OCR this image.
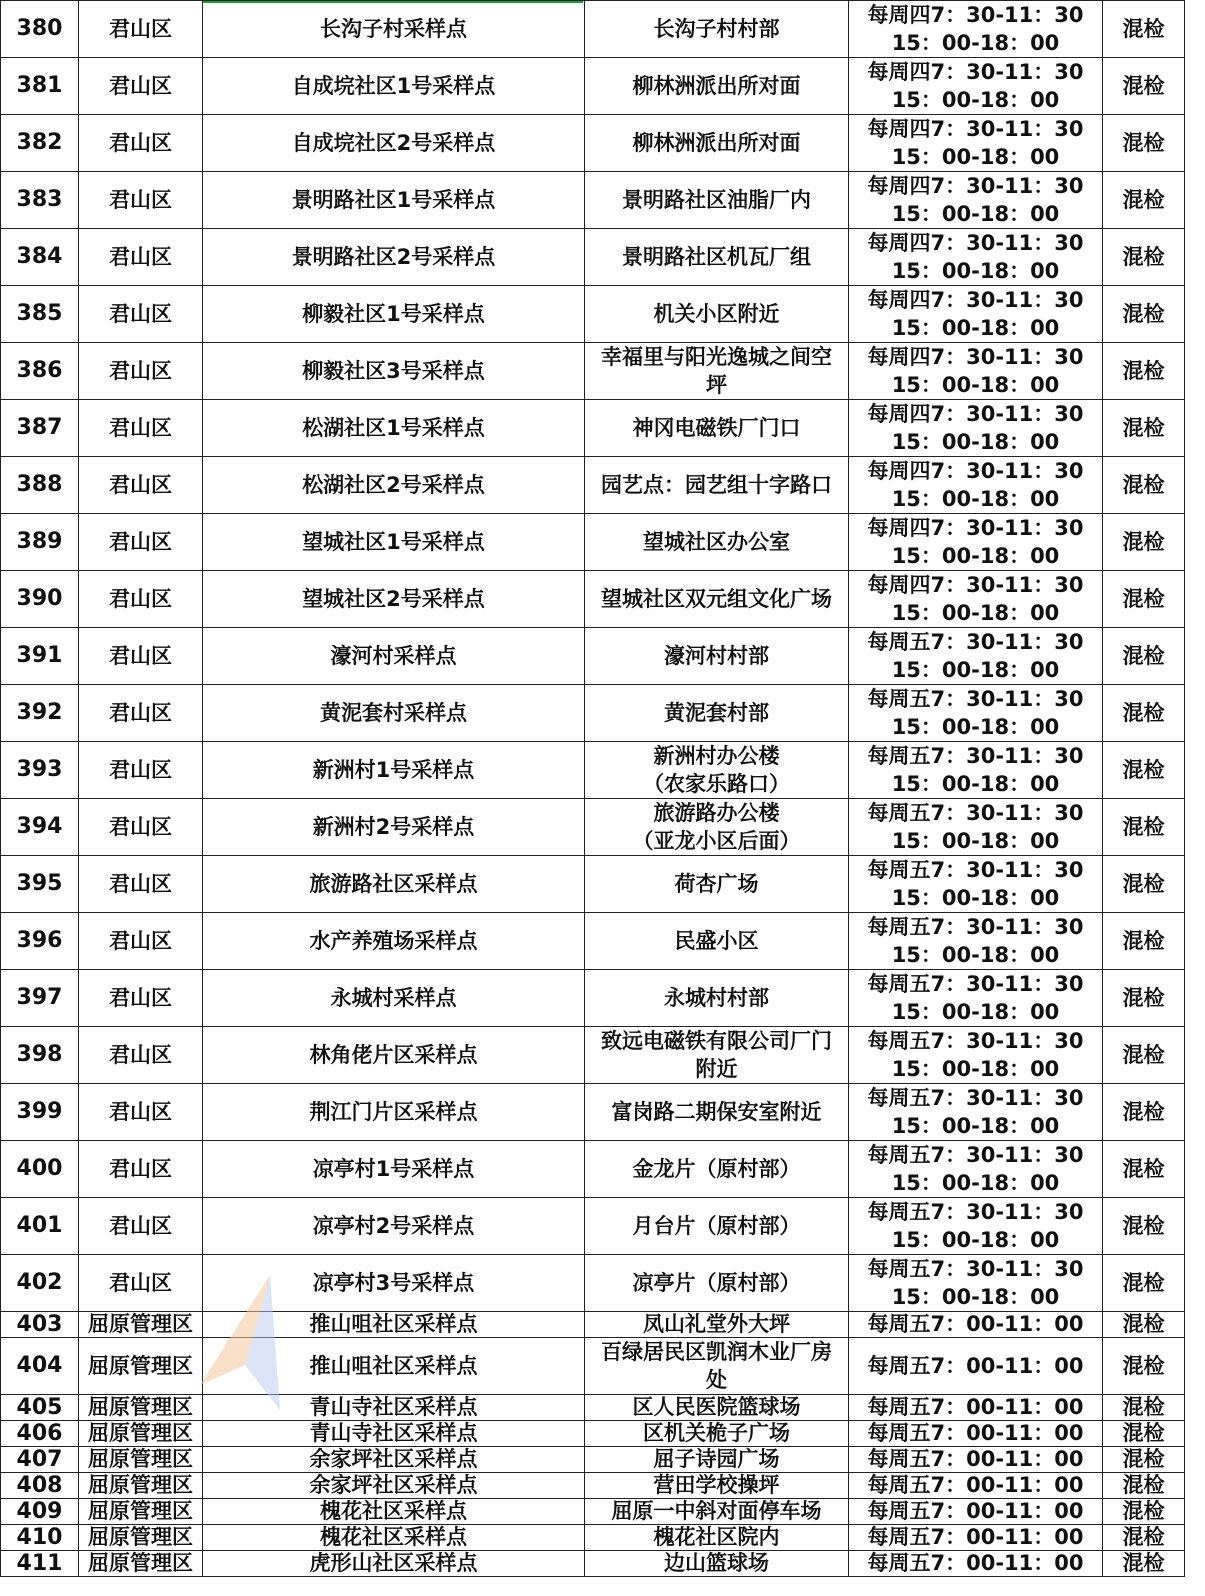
380	君山区	长沟子村采样点	长沟子村村部	每周四7：30-11：30
15：00-18：00	混检
381	君山区	自成垸社区1号采样点	柳林洲派出所对面	每周四7：30-11：30
15：00-18：00	混检
382	君山区	自成垸社区2号采样点	柳林洲派出所对面	每周四7：30-11：30
15：00-18：00	混检
383	君山区	景明路社区1号采样点	景明路社区油脂厂内	每周四7：30-11：30
15：00-18：00	混检
384	君山区	景明路社区2号采样点	景明路社区机瓦厂组	每周四7：30-11：30
15：00-18：00	混检
385	君山区	柳毅社区1号采样点	机关小区附近	每周四7：30-11：30
15：00-18：00	混检
386	君山区	柳毅社区3号采样点	幸福里与阳光逸城之间空
坪	每周四7：30-11：30
15：00-18：00	混检
387	君山区	松湖社区1号采样点	神冈电磁铁厂门口	每周四7：30-11：30
15：00-18：00	混检
388	君山区	松湖社区2号采样点	园艺点：园艺组十字路口	每周四7：30-11：30
15：00-18：00	混检
389	君山区	望城社区1号采样点	望城社区办公室	每周四7：30-11：30
15：00-18：00	混检
390	君山区	望城社区2号采样点	望城社区双元组文化广场	每周四7：30-11：30
15：00-18：00	混检
391	君山区	濠河村采样点	濠河村村部	每周五7：30-11：30
15：00-18：00	混检
392	君山区	黄泥套村采样点	黄泥套村部	每周五7：30-11：30
15：00-18：00	混检
393	君山区	新洲村1号采样点	新洲村办公楼
（农家乐路口）	每周五7：30-11：30
15：00-18：00	混检
394	君山区	新洲村2号采样点	旅游路办公楼
（亚龙小区后面）	每周五7：30-11：30
15：00-18：00	混检
395	君山区	旅游路社区采样点	荷杏广场	每周五7：30-11：30
15：00-18：00	混检
396	君山区	水产养殖场采样点	民盛小区	每周五7：30-11：30
15：00-18：00	混检
397	君山区	永城村采样点	永城村村部	每周五7：30-11：30
15：00-18：00	混检
398	君山区	林角佬片区采样点	致远电磁铁有限公司厂门
附近	每周五7：30-11：30
15：00-18：00	混检
399	君山区	荆江门片区采样点	富岗路二期保安室附近	每周五7：30-11：30
15：00-18：00	混检
400	君山区	凉亭村1号采样点	金龙片（原村部）	每周五7：30-11：30
15：00-18：00	混检
401	君山区	凉亭村2号采样点	月台片（原村部）	每周五7：30-11：30
15：00-18：00	混检
402	君山区	凉亭村3号采样点	凉亭片（原村部）	每周五7：30-11：30
15：00-18：00	混检
403	屈原管理区	推山咀社区采样点	凤山礼堂外大坪	每周五7：00-11：00	混检
404	屈原管理区	推山咀社区采样点	百绿居民区凯润木业厂房
处	每周五7：00-11：00	混检
405	屈原管理区	青山寺社区采样点	区人民医院篮球场	每周五7：00-11：00	混检
406	屈原管理区	青山寺社区采样点	区机关桅子广场	每周五7：00-11：00	混检
407	屈原管理区	余家坪社区采样点	屈子诗园广场	每周五7：00-11：00	混检
408	屈原管理区	余家坪社区采样点	营田学校操坪	每周五7：00-11：00	混检
409	屈原管理区	槐花社区采样点	屈原一中斜对面停车场	每周五7：00-11：00	混检
410	屈原管理区	槐花社区采样点	槐花社区院内	每周五7：00-11：00	混检
411	屈原管理区	虎形山社区采样点	边山篮球场	每周五7：00-11：00	混检
